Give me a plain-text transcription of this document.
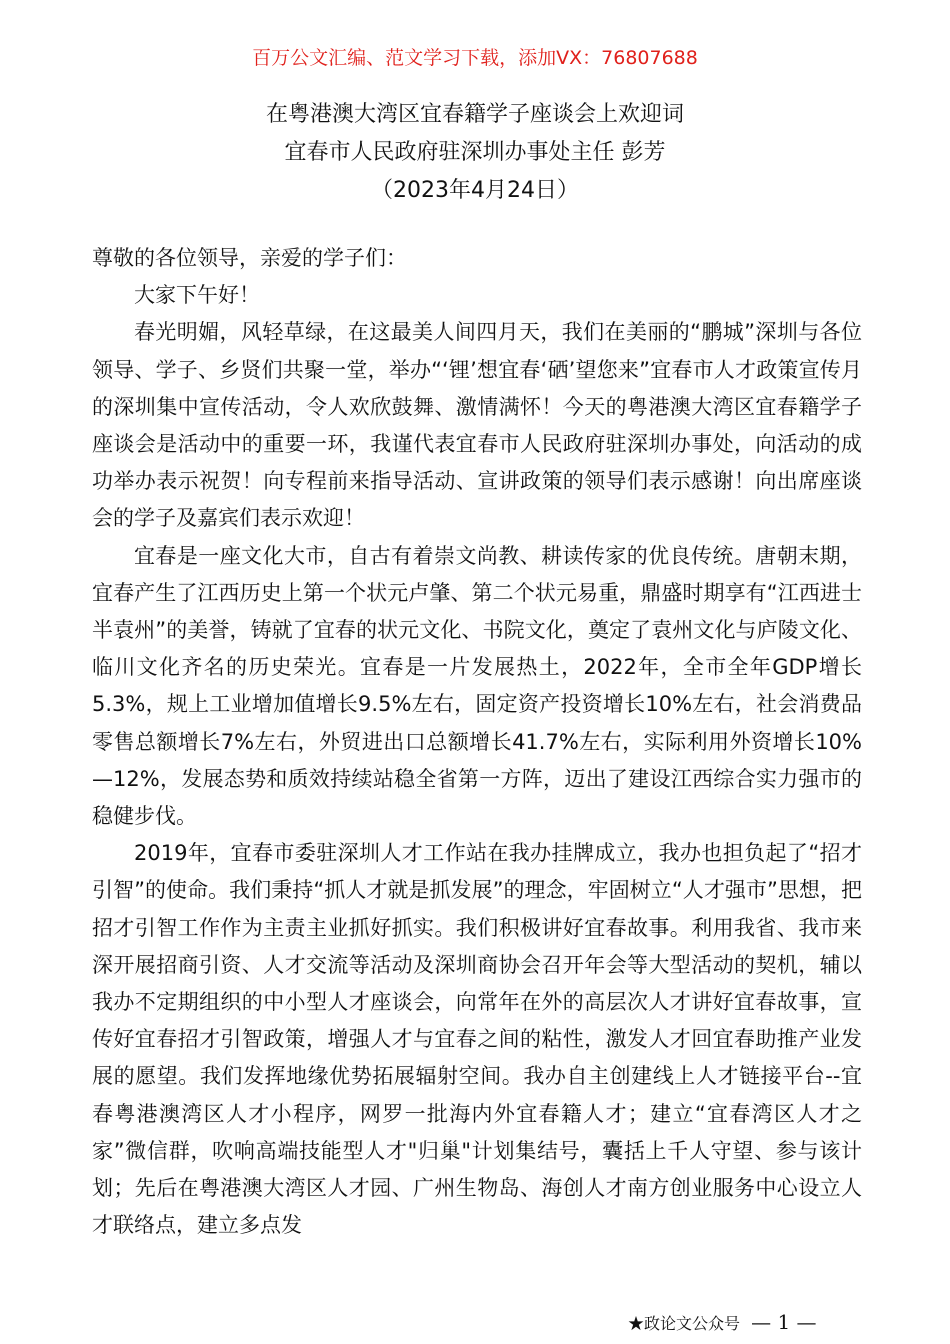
百万公文汇编、范文学习下载，添加VX：76807688
在粤港澳大湾区宜春籍学子座谈会上欢迎词
宜春市人民政府驻深圳办事处主任 彭芳
（2023年4月24日）

尊敬的各位领导，亲爱的学子们：

大家下午好！

春光明媚，风轻草绿，在这最美人间四月天，我们在美丽的“鹏城”深圳与各位领导、学子、乡贤们共聚一堂，举办“‘锂’想宜春‘硒’望您来”宜春市人才政策宣传月的深圳集中宣传活动，令人欢欣鼓舞、激情满怀！今天的粤港澳大湾区宜春籍学子座谈会是活动中的重要一环，我谨代表宜春市人民政府驻深圳办事处，向活动的成功举办表示祝贺！向专程前来指导活动、宣讲政策的领导们表示感谢！向出席座谈会的学子及嘉宾们表示欢迎！

宜春是一座文化大市，自古有着崇文尚教、耕读传家的优良传统。唐朝末期，宜春产生了江西历史上第一个状元卢肇、第二个状元易重，鼎盛时期享有“江西进士半袁州”的美誉，铸就了宜春的状元文化、书院文化，奠定了袁州文化与庐陵文化、临川文化齐名的历史荣光。宜春是一片发展热土，2022年，全市全年GDP增长5.3%，规上工业增加值增长9.5%左右，固定资产投资增长10%左右，社会消费品零售总额增长7%左右，外贸进出口总额增长41.7%左右，实际利用外资增长10%—12%，发展态势和质效持续站稳全省第一方阵，迈出了建设江西综合实力强市的稳健步伐。

2019年，宜春市委驻深圳人才工作站在我办挂牌成立，我办也担负起了“招才引智”的使命。我们秉持“抓人才就是抓发展”的理念，牢固树立“人才强市”思想，把招才引智工作作为主责主业抓好抓实。我们积极讲好宜春故事。利用我省、我市来深开展招商引资、人才交流等活动及深圳商协会召开年会等大型活动的契机，辅以我办不定期组织的中小型人才座谈会，向常年在外的高层次人才讲好宜春故事，宣传好宜春招才引智政策，增强人才与宜春之间的粘性，激发人才回宜春助推产业发展的愿望。我们发挥地缘优势拓展辐射空间。我办自主创建线上人才链接平台--宜春粤港澳湾区人才小程序，网罗一批海内外宜春籍人才；建立“宜春湾区人才之家”微信群，吹响高端技能型人才"归巢"计划集结号，囊括上千人守望、参与该计划；先后在粤港澳大湾区人才园、广州生物岛、海创人才南方创业服务中心设立人才联络点，建立多点发

★政论文公众号 — 1 —
